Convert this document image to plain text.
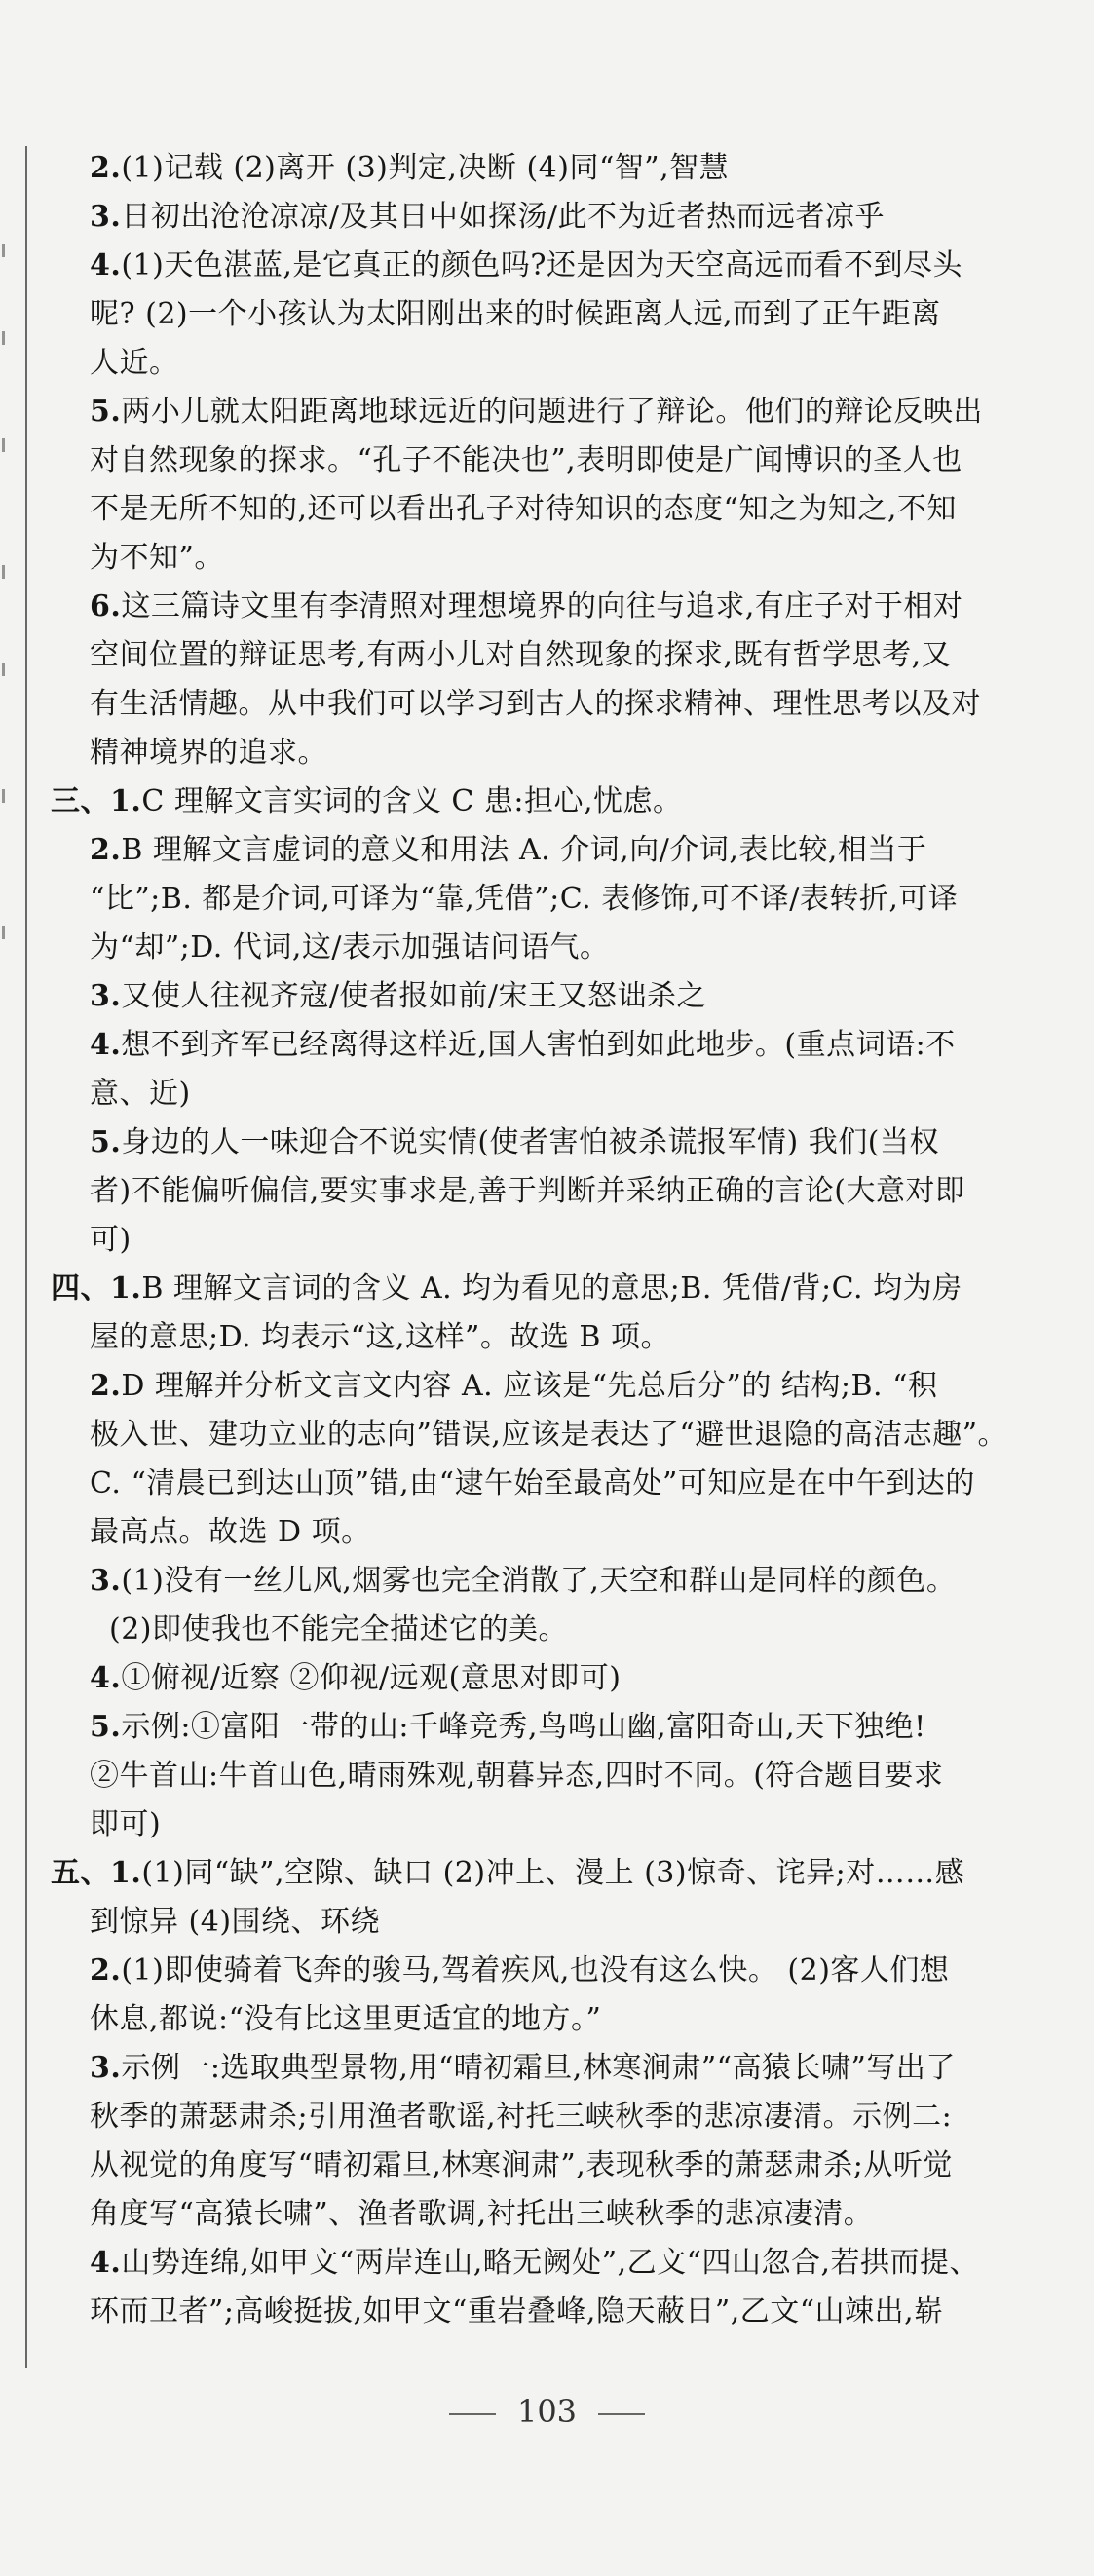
2.(1)记载 (2)离开 (3)判定,决断 (4)同“智”,智慧
3.日初出沧沧凉凉/及其日中如探汤/此不为近者热而远者凉乎
4.(1)天色湛蓝,是它真正的颜色吗?还是因为天空高远而看不到尽头
呢? (2)一个小孩认为太阳刚出来的时候距离人远,而到了正午距离
人近。
5.两小儿就太阳距离地球远近的问题进行了辩论。他们的辩论反映出
对自然现象的探求。“孔子不能决也”,表明即使是广闻博识的圣人也
不是无所不知的,还可以看出孔子对待知识的态度“知之为知之,不知
为不知”。
6.这三篇诗文里有李清照对理想境界的向往与追求,有庄子对于相对
空间位置的辩证思考,有两小儿对自然现象的探求,既有哲学思考,又
有生活情趣。从中我们可以学习到古人的探求精神、理性思考以及对
精神境界的追求。
三、1.C 理解文言实词的含义 C 患:担心,忧虑。
2.B 理解文言虚词的意义和用法 A. 介词,向/介词,表比较,相当于
“比”;B. 都是介词,可译为“靠,凭借”;C. 表修饰,可不译/表转折,可译
为“却”;D. 代词,这/表示加强诘问语气。
3.又使人往视齐寇/使者报如前/宋王又怒诎杀之
4.想不到齐军已经离得这样近,国人害怕到如此地步。(重点词语:不
意、近)
5.身边的人一味迎合不说实情(使者害怕被杀谎报军情) 我们(当权
者)不能偏听偏信,要实事求是,善于判断并采纳正确的言论(大意对即
可)
四、1.B 理解文言词的含义 A. 均为看见的意思;B. 凭借/背;C. 均为房
屋的意思;D. 均表示“这,这样”。故选 B 项。
2.D 理解并分析文言文内容 A. 应该是“先总后分”的 结构;B. “积
极入世、建功立业的志向”错误,应该是表达了“避世退隐的高洁志趣”。
C. “清晨已到达山顶”错,由“逮午始至最高处”可知应是在中午到达的
最高点。故选 D 项。
3.(1)没有一丝儿风,烟雾也完全消散了,天空和群山是同样的颜色。
(2)即使我也不能完全描述它的美。
4.①俯视/近察 ②仰视/远观(意思对即可)
5.示例:①富阳一带的山:千峰竞秀,鸟鸣山幽,富阳奇山,天下独绝!
②牛首山:牛首山色,晴雨殊观,朝暮异态,四时不同。(符合题目要求
即可)
五、1.(1)同“缺”,空隙、缺口 (2)冲上、漫上 (3)惊奇、诧异;对……感
到惊异 (4)围绕、环绕
2.(1)即使骑着飞奔的骏马,驾着疾风,也没有这么快。 (2)客人们想
休息,都说:“没有比这里更适宜的地方。”
3.示例一:选取典型景物,用“晴初霜旦,林寒涧肃”“高猿长啸”写出了
秋季的萧瑟肃杀;引用渔者歌谣,衬托三峡秋季的悲凉凄清。示例二:
从视觉的角度写“晴初霜旦,林寒涧肃”,表现秋季的萧瑟肃杀;从听觉
角度写“高猿长啸”、渔者歌调,衬托出三峡秋季的悲凉凄清。
4.山势连绵,如甲文“两岸连山,略无阙处”,乙文“四山忽合,若拱而提、
环而卫者”;高峻挺拔,如甲文“重岩叠峰,隐天蔽日”,乙文“山竦出,崭
103
